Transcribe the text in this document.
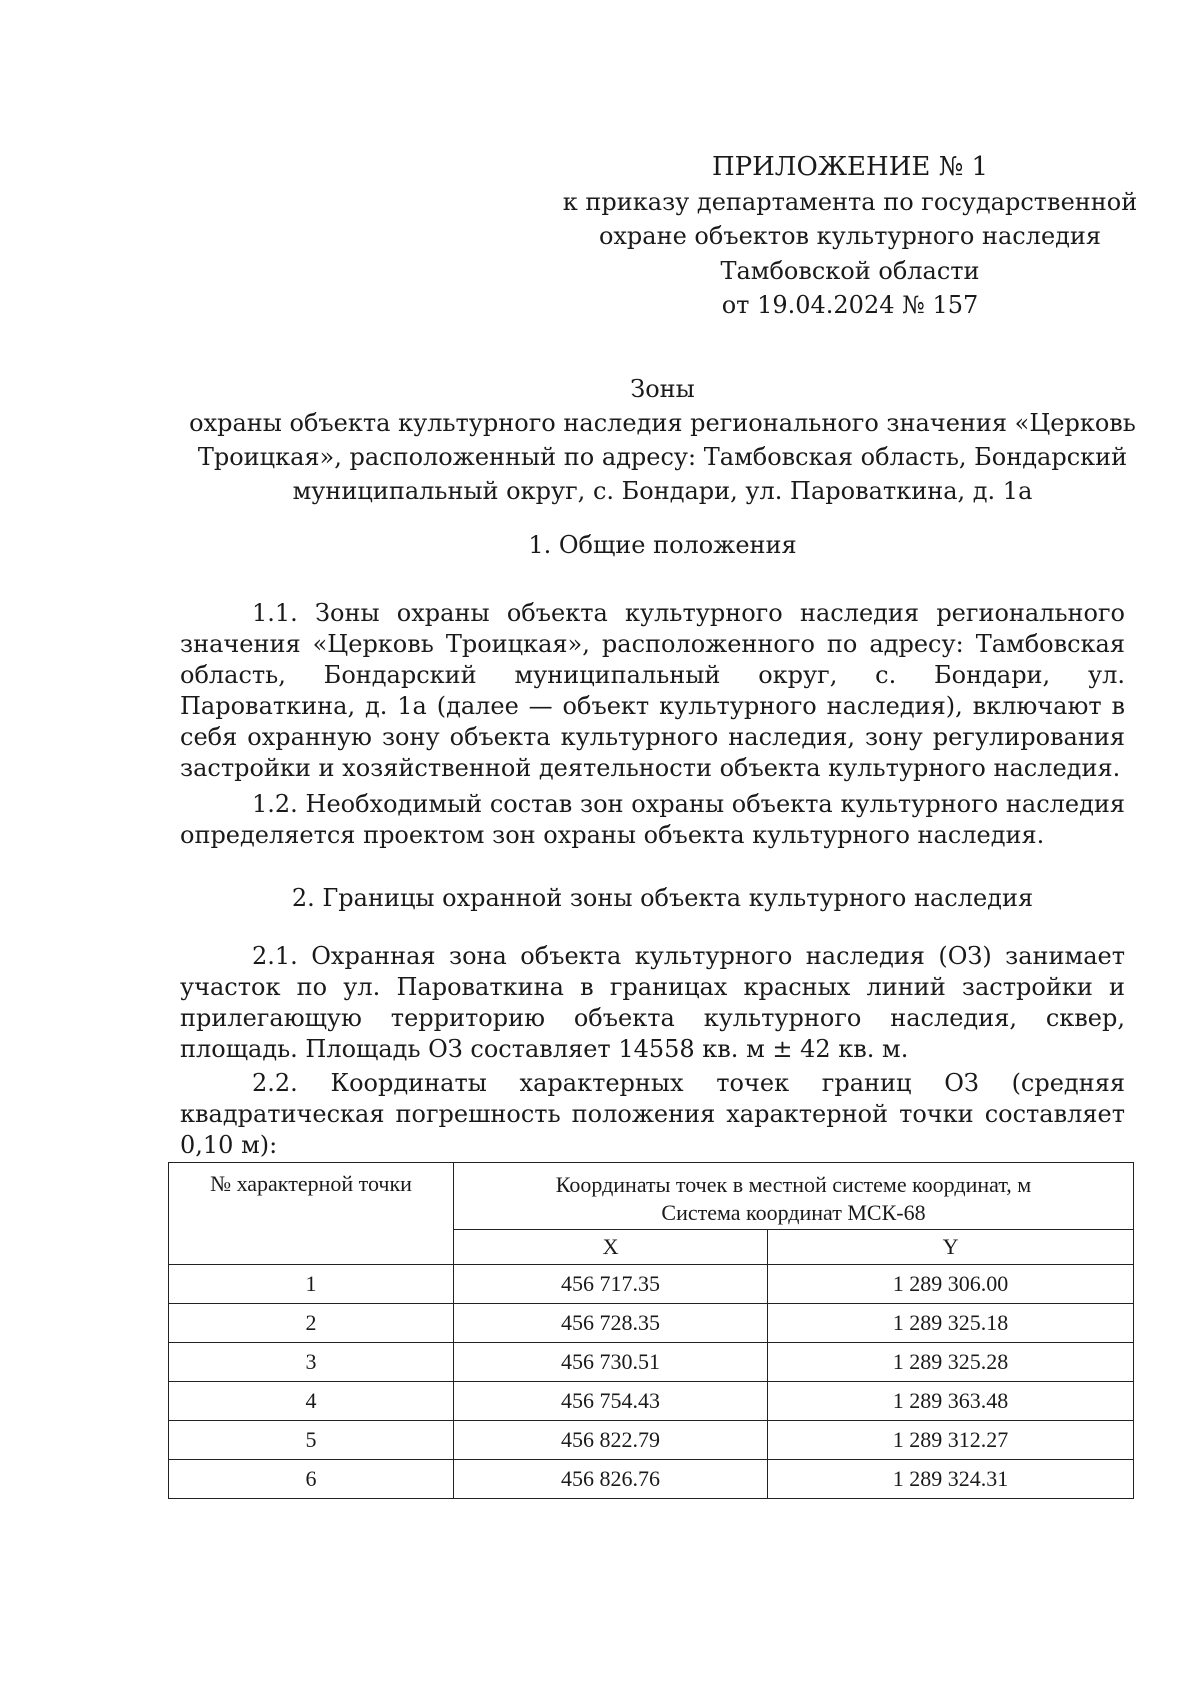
ПРИЛОЖЕНИЕ № 1
к приказу департамента по государственной
охране объектов культурного наследия
Тамбовской области
от 19.04.2024 № 157
Зоны
охраны объекта культурного наследия регионального значения «Церковь
Троицкая», расположенный по адресу: Тамбовская область, Бондарский
муниципальный округ, с. Бондари, ул. Пароваткина, д. 1а
1. Общие положения
1.1. Зоны охраны объекта культурного наследия регионального значения «Церковь Троицкая», расположенного по адресу: Тамбовская область, Бондарский муниципальный округ, с. Бондари, ул. Пароваткина, д. 1а (далее — объект культурного наследия), включают в себя охранную зону объекта культурного наследия, зону регулирования застройки и хозяйственной деятельности объекта культурного наследия.
1.2. Необходимый состав зон охраны объекта культурного наследия определяется проектом зон охраны объекта культурного наследия.
2. Границы охранной зоны объекта культурного наследия
2.1. Охранная зона объекта культурного наследия (ОЗ) занимает участок по ул. Пароваткина в границах красных линий застройки и прилегающую территорию объекта культурного наследия, сквер, площадь. Площадь ОЗ составляет 14558 кв. м ± 42 кв. м.
2.2. Координаты характерных точек границ ОЗ (средняя квадратическая погрешность положения характерной точки составляет 0,10 м):
№ характерной точки	Координаты точек в местной системе координат, м
Система координат МСК-68	

	X	Y
1	456 717.35	1 289 306.00
2	456 728.35	1 289 325.18
3	456 730.51	1 289 325.28
4	456 754.43	1 289 363.48
5	456 822.79	1 289 312.27
6	456 826.76	1 289 324.31
